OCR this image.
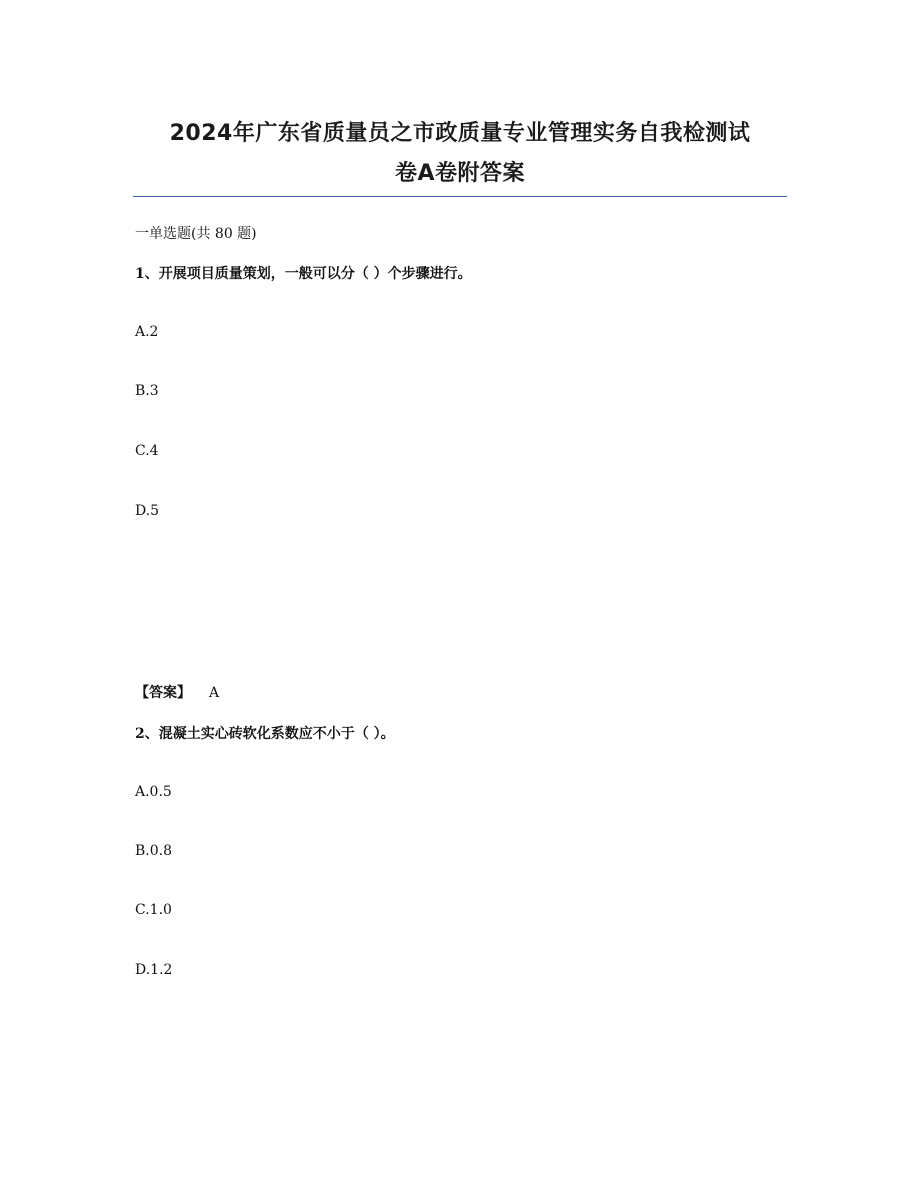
2024年广东省质量员之市政质量专业管理实务自我检测试
卷A卷附答案
一单选题(共 80 题)
1、开展项目质量策划，一般可以分（ ）个步骤进行。
A.2
B.3
C.4
D.5
【答案】 A
2、混凝土实心砖软化系数应不小于（ ）。
A.0.5
B.0.8
C.1.0
D.1.2
